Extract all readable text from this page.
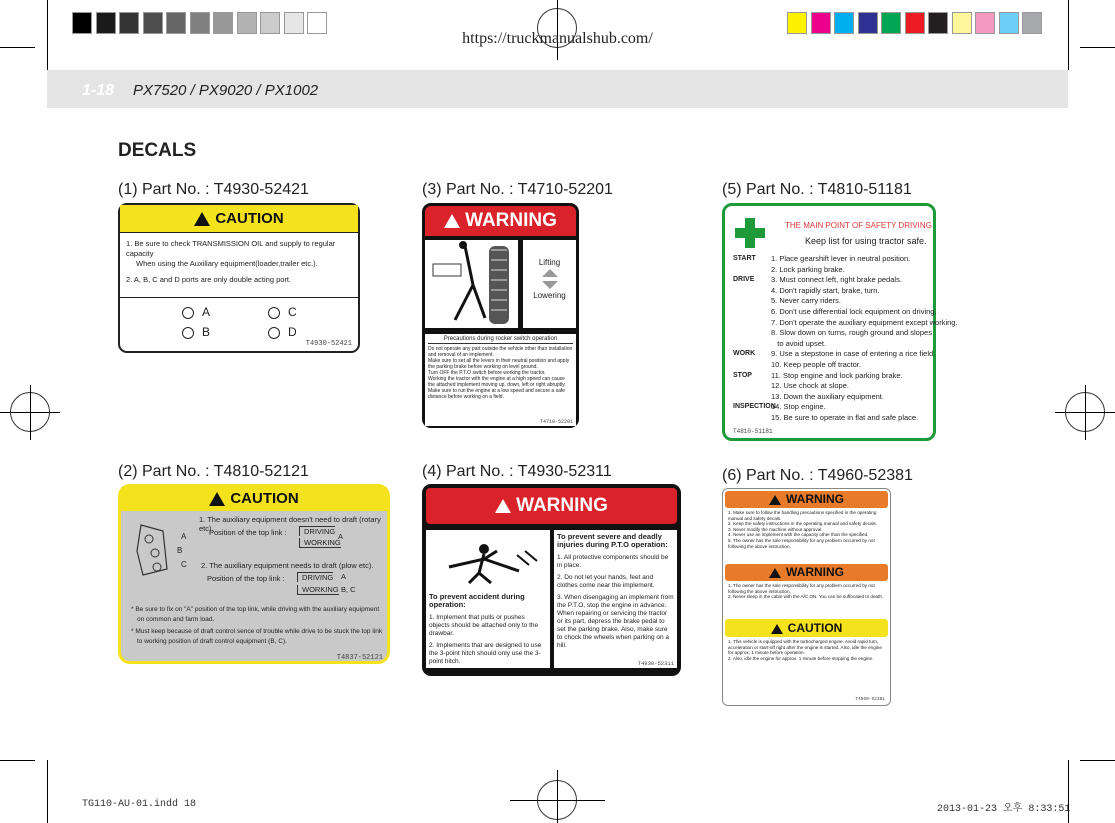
https://truckmanualshub.com/
1-18 PX7520 / PX9020 / PX1002
DECALS
(1) Part No. : T4930-52421
CAUTION
1. Be sure to check TRANSMISSION OIL and supply to regular capacity
When using the Auxiliary equipment(loader,trailer etc.).
2. A, B, C and D ports are only double acting port.
A	C
B	D
T4930-52421
(2) Part No. : T4810-52121
CAUTION
A
B
C
1. The auxiliary equipment doesn't need to draft (rotary etc).
Position of the top link :	DRIVING
WORKING
A
2. The auxiliary equipment needs to draft (plow etc).
Position of the top link :	DRIVING
WORKING
A
B, C
* Be sure to fix on "A" position of the top link, while driving with the auxiliary equipment
on common and farm load.
* Must keep because of draft control sence of trouble while drive to be stuck the top link
to working position of draft control equipment (B, C).
T4837-52121
(3) Part No. : T4710-52201
WARNING
Lifting
Lowering
Precautions during rocker switch operation
Do not operate any part outside the vehicle other than installation and removal of an implement.
Make sure to set all the levers in their neutral position and apply the parking brake before working on level ground.
Turn OFF the P.T.O switch before working the tractor.
Working the tractor with the engine at a high speed can cause the attached implement moving up, down, left or right abruptly. Make sure to run the engine at a low speed and secure a safe distance before working on a field.
T4710-52201
(4) Part No. : T4930-52311
WARNING
To prevent accident during operation:
1. Implement that pulls or pushes objects should be attached only to the drawbar.
2. Implements that are designed to use the 3-point hitch should only use the 3-point hitch.
To prevent severe and deadly injuries during P.T.O operation:
1. All protective components should be in place.
2. Do not let your hands, feet and clothes come near the implement.
3. When disengaging an implement from the P.T.O, stop the engine in advance. When repairing or servicing the tractor or its part, depress the brake pedal to set the parking brake. Also, make sure to chock the wheels when parking on a hill.
T4930-52311
(5) Part No. : T4810-51181
THE MAIN POINT OF SAFETY DRIVING
Keep list for using tractor safe.
START	1. Place gearshift lever in neutral position.
2. Lock parking brake.
DRIVE	3. Must connect left, right brake pedals.
4. Don't rapidly start, brake, turn.
5. Never carry riders.
6. Don't use differential lock equipment on driving.
7. Don't operate the auxiliary equipment except working.
8. Slow down on turns, rough ground and slopes
to avoid upset.
WORK	9. Use a stepstone in case of entering a rice field.
10. Keep people off tractor.
STOP	11. Stop engine and lock parking brake.
12. Use chock at slope.
13. Down the auxiliary equipment.
INSPECTION
14. Stop engine.
15. Be sure to operate in flat and safe place.
T4810-51181
(6) Part No. : T4960-52381
WARNING
1. Make sure to follow the handling precautions specified in the operating manual and safety decals.
2. Keep the safety instructions in the operating manual and safety decals.
3. Never modify the machine without approval.
4. Never use an implement with the capacity other than the specified.
5. The owner has the sole responsibility for any problem occurred by not following the above instruction.
WARNING
1. The owner has the sole responsibility for any problem occurred by not following the above instruction.
2. Never sleep in the cabin with the A/C ON. You can be suffocated to death.
CAUTION
1. This vehicle is equipped with the turbocharged engine. Avoid rapid turn, acceleration or start-off right after the engine is started. Also, idle the engine for approx. 1 minute before operation.
2. Also, idle the engine for approx. 1 minute before stopping the engine.
T4960-52381
TG110-AU-01.indd 18	2013-01-23 오후 8:33:51
